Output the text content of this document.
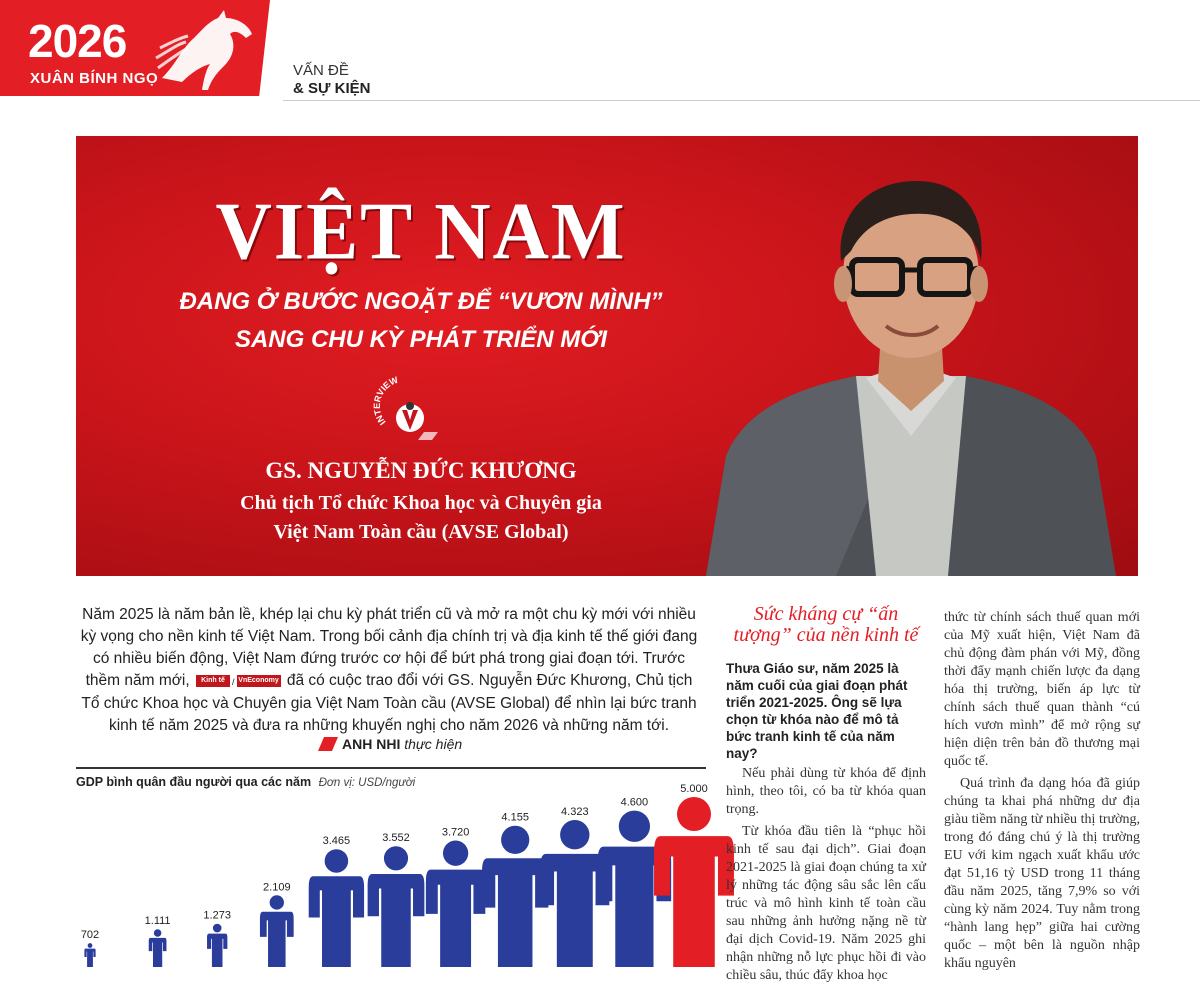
2026
XUÂN BÍNH NGỌ	VẤN ĐỀ
& SỰ KIỆN
VIỆT NAM
ĐANG Ở BƯỚC NGOẶT ĐỂ “VƯƠN MÌNH”
SANG CHU KỲ PHÁT TRIỂN MỚI
INTERVIEW
GS. NGUYỄN ĐỨC KHƯƠNG
Chủ tịch Tổ chức Khoa học và Chuyên gia
Việt Nam Toàn cầu (AVSE Global)
Năm 2025 là năm bản lề, khép lại chu kỳ phát triển cũ và mở ra một chu kỳ mới với nhiều kỳ vọng cho nền kinh tế Việt Nam. Trong bối cảnh địa chính trị và địa kinh tế thế giới đang có nhiều biến động, Việt Nam đứng trước cơ hội để bứt phá trong giai đoạn tới. Trước thềm năm mới, Kinh tế / VnEconomy đã có cuộc trao đổi với GS. Nguyễn Đức Khương, Chủ tịch Tổ chức Khoa học và Chuyên gia Việt Nam Toàn cầu (AVSE Global) để nhìn lại bức tranh kinh tế năm 2025 và đưa ra những khuyến nghị cho năm 2026 và những năm tới.
ANH NHI thực hiện
GDP bình quân đầu người qua các năm Đơn vị: USD/người
702
1.111	1.273
2.109
3.465	3.552	3.720
4.155	4.323
4.600
5.000
Sức kháng cự “ấn tượng” của nền kinh tế
Thưa Giáo sư, năm 2025 là năm cuối của giai đoạn phát triển 2021-2025. Ông sẽ lựa chọn từ khóa nào để mô tả bức tranh kinh tế của năm nay?

Nếu phải dùng từ khóa để định hình, theo tôi, có ba từ khóa quan trọng.

Từ khóa đầu tiên là “phục hồi kinh tế sau đại dịch”. Giai đoạn 2021-2025 là giai đoạn chúng ta xử lý những tác động sâu sắc lên cấu trúc và mô hình kinh tế toàn cầu sau những ảnh hưởng nặng nề từ đại dịch Covid-19. Năm 2025 ghi nhận những nỗ lực phục hồi đi vào chiều sâu, thúc đẩy khoa học

thức từ chính sách thuế quan mới của Mỹ xuất hiện, Việt Nam đã chủ động đàm phán với Mỹ, đồng thời đẩy mạnh chiến lược đa dạng hóa thị trường, biến áp lực từ chính sách thuế quan thành “cú hích vươn mình” để mở rộng sự hiện diện trên bản đồ thương mại quốc tế.

Quá trình đa dạng hóa đã giúp chúng ta khai phá những dư địa giàu tiềm năng từ nhiều thị trường, trong đó đáng chú ý là thị trường EU với kim ngạch xuất khẩu ước đạt 51,16 tỷ USD trong 11 tháng đầu năm 2025, tăng 7,9% so với cùng kỳ năm 2024. Tuy nằm trong “hành lang hẹp” giữa hai cường quốc – một bên là nguồn nhập khẩu nguyên
